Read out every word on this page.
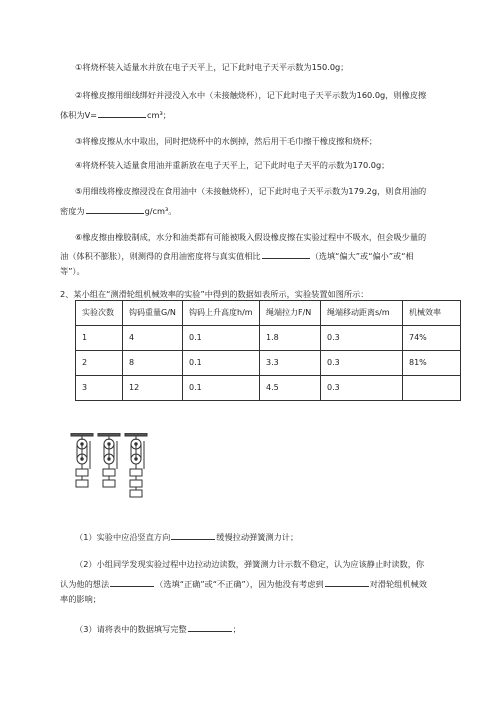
①将烧杯装入适量水并放在电子天平上，记下此时电子天平示数为150.0g；
②将橡皮擦用细线绑好并浸没入水中（未接触烧杯），记下此时电子天平示数为160.0g，则橡皮擦
体积为V=	cm³；
③将橡皮擦从水中取出，同时把烧杯中的水倒掉，然后用干毛巾擦干橡皮擦和烧杯；
④将烧杯装入适量食用油并重新放在电子天平上，记下此时电子天平的示数为170.0g；
⑤用细线将橡皮擦浸没在食用油中（未接触烧杯），记下此时电子天平示数为179.2g，则食用油的
密度为	g/cm³。
⑥橡皮擦由橡胶制成，水分和油类都有可能被吸入假设橡皮擦在实验过程中不吸水，但会吸少量的
油（体积不膨胀），则测得的食用油密度将与真实值相比	（选填“偏大”或“偏小”或“相
等”）。
2、某小组在“测滑轮组机械效率的实验”中得到的数据如表所示，实验装置如图所示：
实验次数	钩码重量G/N	钩码上升高度h/m	绳端拉力F/N	绳端移动距离s/m	机械效率
1	4	0.1	1.8	0.3	74%
2	8	0.1	3.3	0.3	81%
3	12	0.1	4.5	0.3	
（1）实验中应沿竖直方向	缓慢拉动弹簧测力计；
（2）小组同学发现实验过程中边拉动边读数，弹簧测力计示数不稳定，认为应该静止时读数，你
认为他的想法	（选填“正确”或“不正确”），因为他没有考虑到	对滑轮组机械效
率的影响；
（3）请将表中的数据填写完整	；
